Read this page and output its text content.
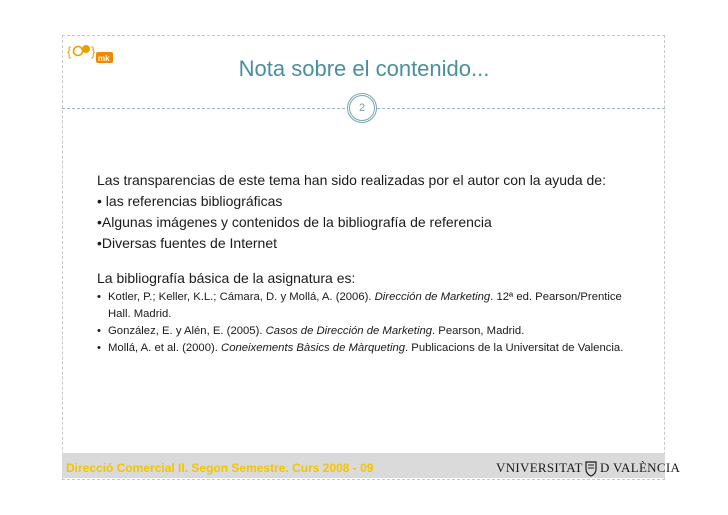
{ } mk	Nota sobre el contenido...
2
Las transparencias de este tema han sido realizadas por el autor con la ayuda de:
• las referencias bibliográficas
•Algunas imágenes y contenidos de la bibliografía de referencia
•Diversas fuentes de Internet
La bibliografía básica de la asignatura es:
• Kotler, P.; Keller, K.L.; Cámara, D. y Mollá, A. (2006). Dirección de Marketing. 12ª ed. Pearson/Prentice Hall. Madrid.
• González, E. y Alén, E. (2005). Casos de Dirección de Marketing. Pearson, Madrid.
• Mollá, A. et al. (2000). Coneixements Bàsics de Màrqueting. Publicacions de la Universitat de Valencia.
Direcció Comercial II. Segon Semestre. Curs 2008 - 09	VNIVERSITAT D VALÈNCIA
